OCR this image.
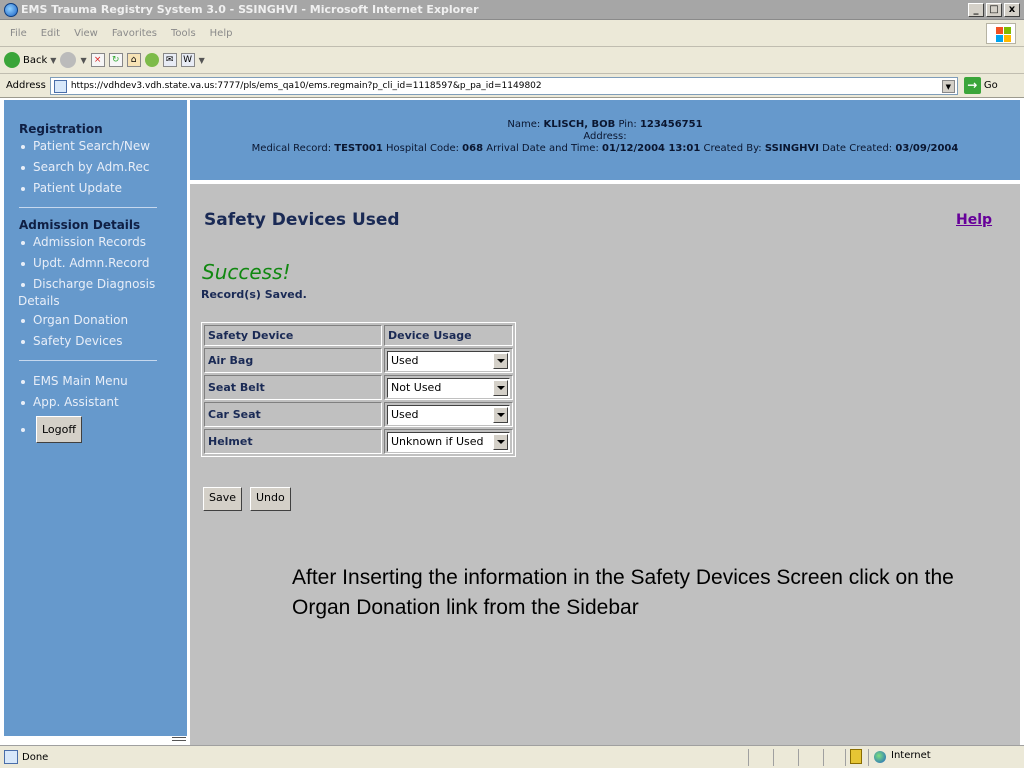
EMS Trauma Registry System 3.0 - SSINGHVI - Microsoft Internet Explorer	_	□	x
File Edit View Favorites Tools Help
Back ▼	▼ ×	↻	⌂	✉	W ▼
Address	https://vdhdev3.vdh.state.va.us:7777/pls/ems_qa10/ems.regmain?p_cli_id=1118597&p_pa_id=1149802	▼	→ Go
Registration
Patient Search/New
Search by Adm.Rec
Patient Update
Admission Details
Admission Records
Updt. Admn.Record
Discharge Diagnosis
Details
Organ Donation
Safety Devices
EMS Main Menu
App. Assistant
Logoff
Name: KLISCH, BOB Pin: 123456751
Address:
Medical Record: TEST001 Hospital Code: 068 Arrival Date and Time: 01/12/2004 13:01 Created By: SSINGHVI Date Created: 03/09/2004
Safety Devices Used	Help
Success!
Record(s) Saved.
Safety Device	Device Usage
Air Bag	Used

Seat Belt	Not Used

Car Seat	Used

Helmet	Unknown if Used
Save	Undo
After Inserting the information in the Safety Devices Screen click on the Organ Donation link from the Sidebar
Done	Internet
